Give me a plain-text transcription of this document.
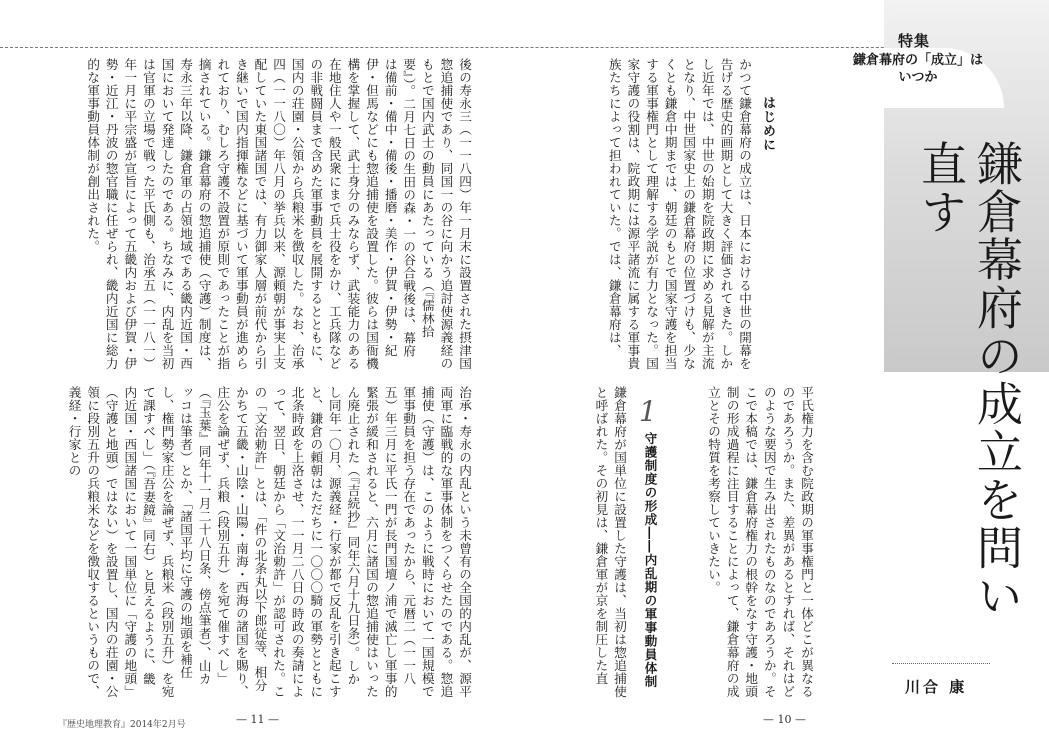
特集
鎌倉幕府の「成立」は
いつか
鎌倉幕府の成立を問い直す
川合 康
はじめに
かつて鎌倉幕府の成立は、日本における中世の開幕を告げる歴史的画期として大きく評価されてきた。しかし近年では、中世の始期を院政期に求める見解が主流となり、中世国家史上の鎌倉幕府の位置づけも、少なくとも鎌倉中期までは、朝廷のもとで国家守護を担当する軍事権門として理解する学説が有力となった。国家守護の役割は、院政期には源平諸流に属する軍事貴族たちによって担われていた。では、鎌倉幕府は、
平氏権力を含む院政期の軍事権門と一体どこが異なるのであろうか。また、差異があるとすれば、それはどのような要因で生み出されたものなのであろうか。そこで本稿では、鎌倉幕府権力の根幹をなす守護・地頭制の形成過程に注目することによって、鎌倉幕府の成立とその特質を考察していきたい。
1
守護制度の形成――内乱期の軍事動員体制
鎌倉幕府が国単位に設置した守護は、当初は惣追捕使と呼ばれた。その初見は、鎌倉軍が京を制圧した直
後の寿永三（一一八四）年一月末に設置された摂津国惣追捕使であり、同国一の谷に向かう追討使源義経のもとで国内武士の動員にあたっている（『儒林拾要』）。二月七日の生田の森・一の谷合戦後は、幕府は備前・備中・備後・播磨・美作・伊賀・伊勢・紀伊・但馬などにも惣追捕使を設置した。彼らは国衙機構を掌握して、武士身分のみならず、武装能力のある在地住人や一般民衆にまで兵士役をかけ、工兵隊などの非戦闘員まで含めた軍事動員を展開するとともに、国内の荘園・公領から兵粮米を徴収した。なお、治承四（一一八〇）年八月の挙兵以来、源頼朝が事実上支配していた東国諸国では、有力御家人層が前代から引き継いで国内指揮権などに基づいて軍事動員が進められており、むしろ守護不設置が原則であったことが指摘されている。鎌倉幕府の惣追捕使（守護）制度は、寿永三年以降、鎌倉軍の占領地域である畿内近国・西国において発達したのである。ちなみに、内乱を当初は官軍の立場で戦った平氏側も、治承五（一一八一）年一月に平宗盛が宣旨によって五畿内および伊賀・伊勢・近江・丹波の惣官職に任ぜられ、畿内近国に総力的な軍事動員体制が創出された。
治承・寿永の内乱という未曾有の全国的内乱が、源平両軍に臨戦的な軍事体制をつくらせたのである。惣追捕使（守護）は、このように戦時において一国規模で軍事動員を担う存在であったから、元暦二（一一八五）年三月に平氏一門が長門国壇ノ浦で滅亡し軍事的緊張が緩和されると、六月に諸国の惣追捕使はいったん廃止された（『吉続抄』同年六月十九日条）。しかし同年一〇月、源義経・行家が都で反乱を引き起こすと、鎌倉の頼朝はただちに一〇〇〇騎の軍勢とともに北条時政を上洛させ、一一月二八日の時政の奏請によって、翌日、朝廷から「文治勅許」が認可された。この「文治勅許」とは、「件の北条丸以下郎従等、相分かちて五畿・山陰・山陽・南海・西海の諸国を賜り、庄公を論ぜず、兵粮（段別五升）を宛て催すべし」（『玉葉』同年十一月二十八日条、傍点筆者）、山カッコは筆者）とか、「諸国平均に守護の地頭を補任し、権門勢家庄公を論ぜず、兵粮米（段別五升）を宛て課すべし」（『吾妻鏡』同右）と見えるように、畿内近国・西国諸国において一国単位に「守護の地頭」（守護と地頭）ではない）を設置し、国内の荘園・公領に段別五升の兵粮米などを徴収するというもので、義経・行家との
『歴史地理教育』2014年2月号	— 11 —	— 10 —
